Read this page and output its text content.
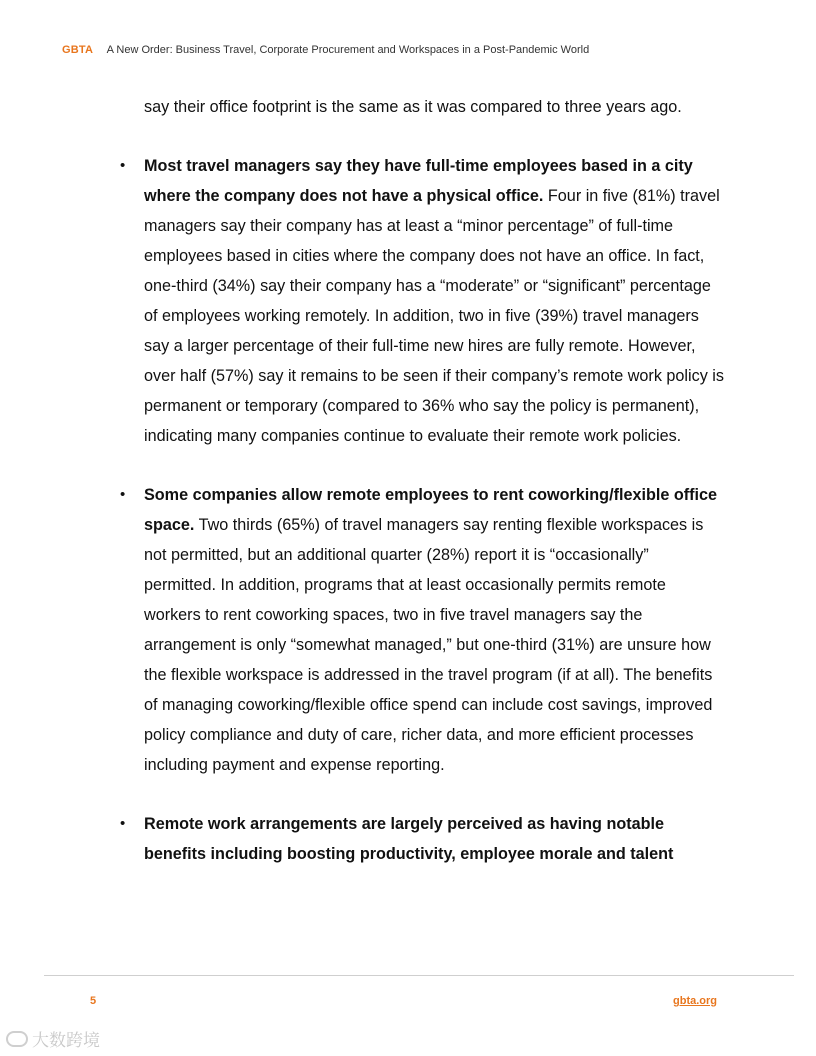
GBTA A New Order: Business Travel, Corporate Procurement and Workspaces in a Post-Pandemic World

say their office footprint is the same as it was compared to three years ago.

• Most travel managers say they have full-time employees based in a city where the company does not have a physical office. Four in five (81%) travel managers say their company has at least a “minor percentage” of full-time employees based in cities where the company does not have an office. In fact, one-third (34%) say their company has a “moderate” or “significant” percentage of employees working remotely. In addition, two in five (39%) travel managers say a larger percentage of their full-time new hires are fully remote. However, over half (57%) say it remains to be seen if their company’s remote work policy is permanent or temporary (compared to 36% who say the policy is permanent), indicating many companies continue to evaluate their remote work policies.
• Some companies allow remote employees to rent coworking/flexible office space. Two thirds (65%) of travel managers say renting flexible workspaces is not permitted, but an additional quarter (28%) report it is “occasionally” permitted. In addition, programs that at least occasionally permits remote workers to rent coworking spaces, two in five travel managers say the arrangement is only “somewhat managed,” but one-third (31%) are unsure how the flexible workspace is addressed in the travel program (if at all). The benefits of managing coworking/flexible office spend can include cost savings, improved policy compliance and duty of care, richer data, and more efficient processes including payment and expense reporting.
• Remote work arrangements are largely perceived as having notable benefits including boosting productivity, employee morale and talent
5	gbta.org
大数跨境
